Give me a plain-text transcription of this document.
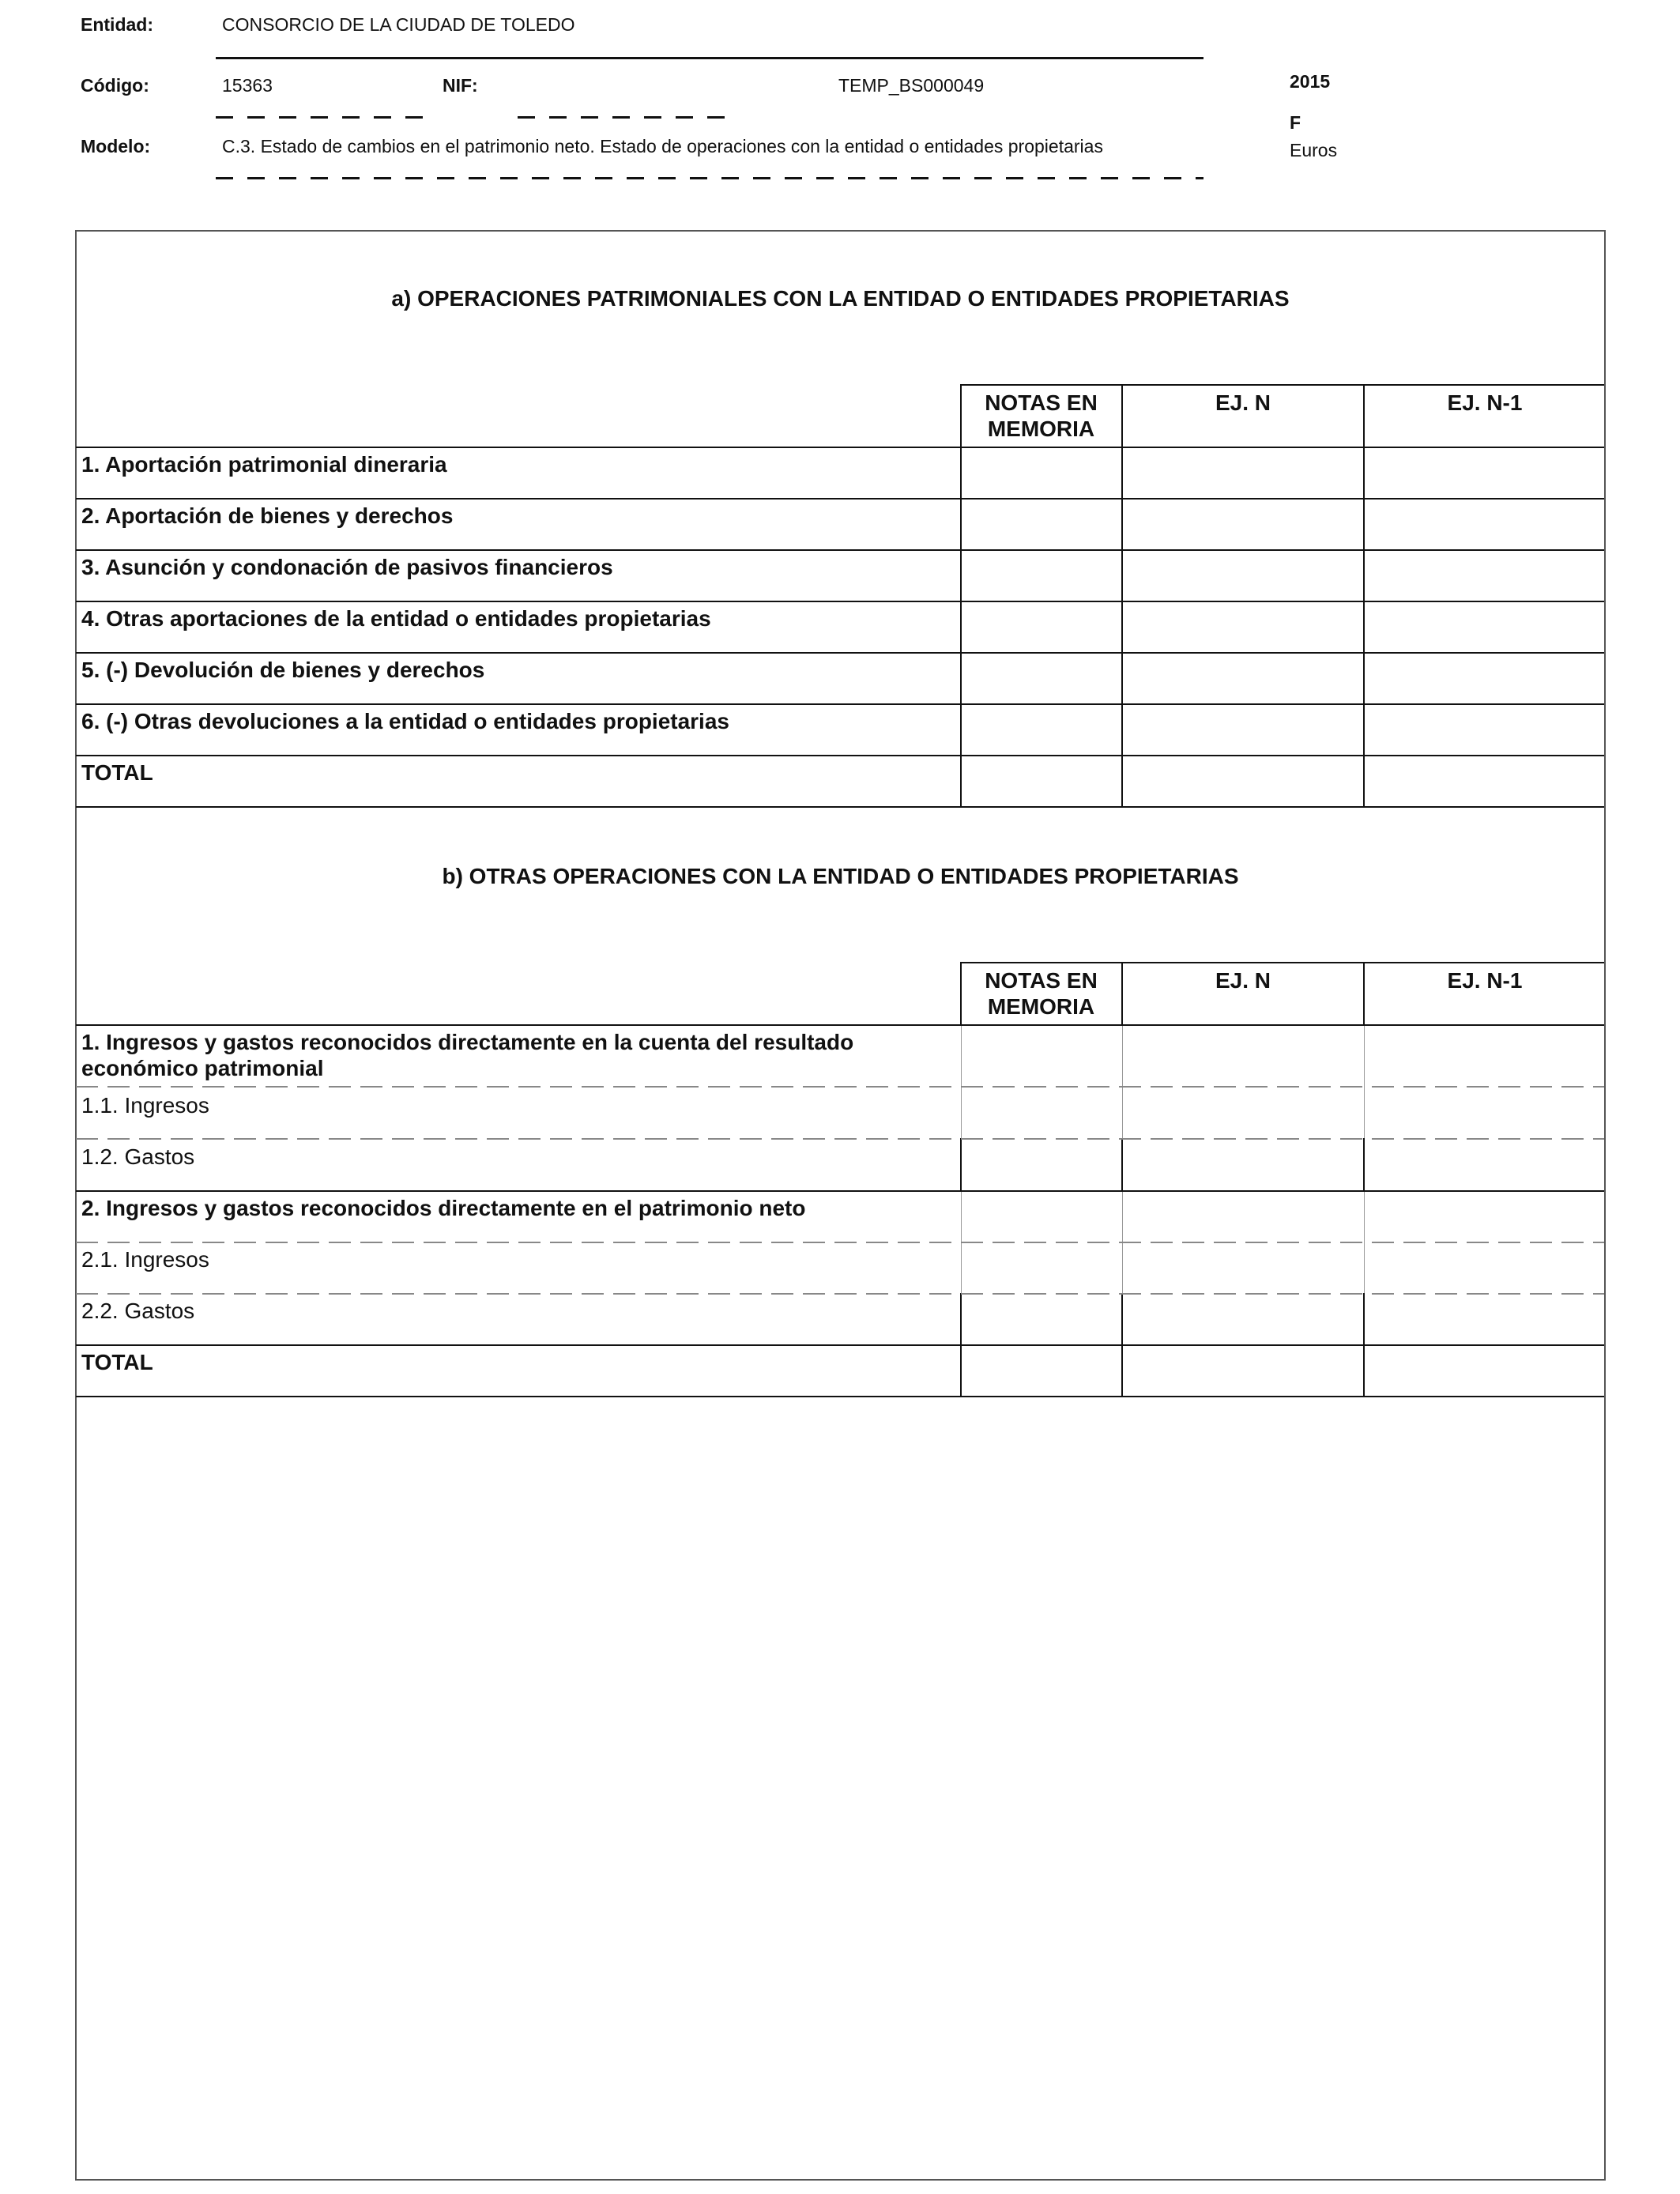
Entidad:	CONSORCIO DE LA CIUDAD DE TOLEDO
Código:	15363	NIF:	TEMP_BS000049	2015
F
Euros
Modelo:	C.3. Estado de cambios en el patrimonio neto. Estado de operaciones con la entidad o entidades propietarias
a) OPERACIONES PATRIMONIALES CON LA ENTIDAD O ENTIDADES PROPIETARIAS
NOTAS EN MEMORIA
EJ. N	EJ. N-1
1. Aportación patrimonial dineraria
2. Aportación de bienes y derechos
3. Asunción y condonación de pasivos financieros
4. Otras aportaciones de la entidad o entidades propietarias
5. (-) Devolución de bienes y derechos
6. (-) Otras devoluciones a la entidad o entidades propietarias
TOTAL
b) OTRAS OPERACIONES CON LA ENTIDAD O ENTIDADES PROPIETARIAS
NOTAS EN MEMORIA
EJ. N	EJ. N-1
1. Ingresos y gastos reconocidos directamente en la cuenta del resultado económico patrimonial
1.1. Ingresos
1.2. Gastos
2. Ingresos y gastos reconocidos directamente en el patrimonio neto
2.1. Ingresos
2.2. Gastos
TOTAL
